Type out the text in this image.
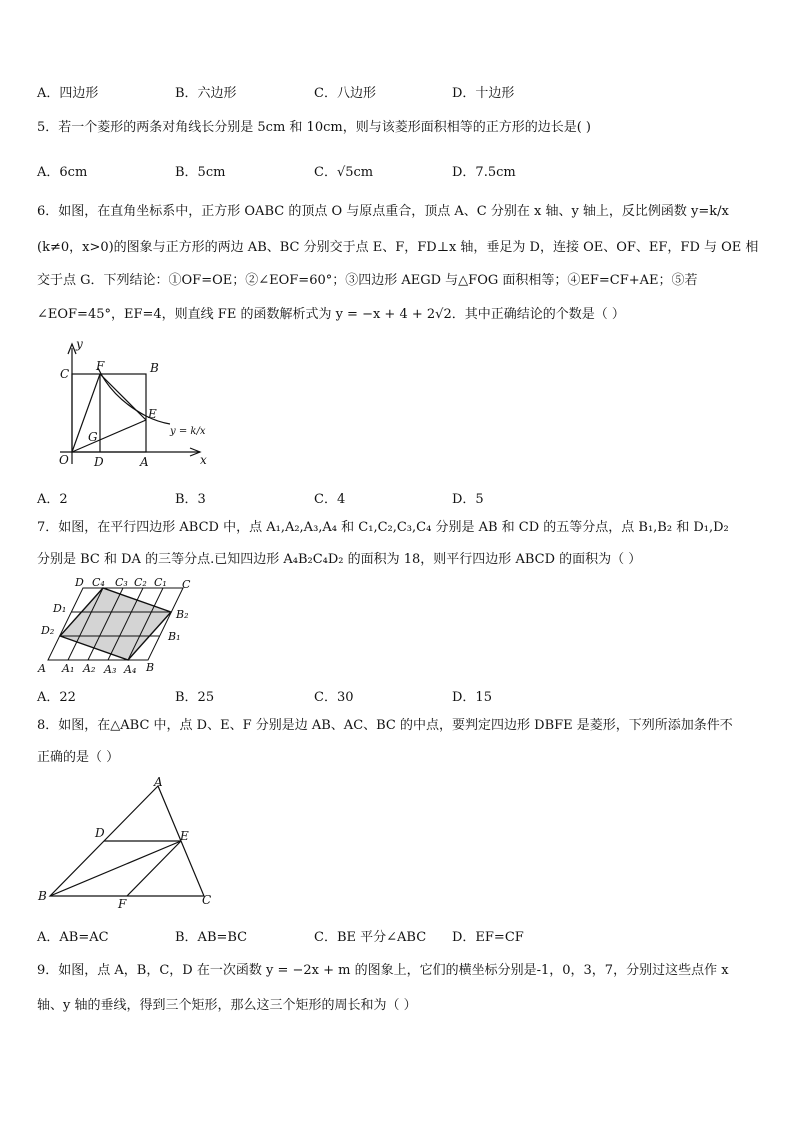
A．四边形	B．六边形	C．八边形	D．十边形
5．若一个菱形的两条对角线长分别是 5cm 和 10cm，则与该菱形面积相等的正方形的边长是( )
A．6cm	B．5cm	C．√5cm	D．7.5cm
6．如图，在直角坐标系中，正方形 OABC 的顶点 O 与原点重合，顶点 A、C 分别在 x 轴、y 轴上，反比例函数 y=k/x
(k≠0，x>0)的图象与正方形的两边 AB、BC 分别交于点 E、F，FD⊥x 轴，垂足为 D，连接 OE、OF、EF，FD 与 OE 相
交于点 G．下列结论：①OF=OE；②∠EOF=60°；③四边形 AEGD 与△FOG 面积相等；④EF=CF+AE；⑤若
∠EOF=45°，EF=4，则直线 FE 的函数解析式为 y = −x + 4 + 2√2．其中正确结论的个数是（ ）
y
x
O D	A
C
F	B
E
G	y = k/x
A．2	B．3	C．4	D．5
7．如图，在平行四边形 ABCD 中，点 A₁,A₂,A₃,A₄ 和 C₁,C₂,C₃,C₄ 分别是 AB 和 CD 的五等分点，点 B₁,B₂ 和 D₁,D₂
分别是 BC 和 DA 的三等分点.已知四边形 A₄B₂C₄D₂ 的面积为 18，则平行四边形 ABCD 的面积为（ ）
A A₁ A₂ A₃ A₄ B
D C₄ C₃ C₂ C₁ C
D₁
D₂
B₂
B₁
A．22	B．25	C．30	D．15
8．如图，在△ABC 中，点 D、E、F 分别是边 AB、AC、BC 的中点，要判定四边形 DBFE 是菱形，下列所添加条件不
正确的是（ ）
A
B	C
D	E
F
A．AB=AC	B．AB=BC	C．BE 平分∠ABC D．EF=CF
9．如图，点 A，B，C，D 在一次函数 y = −2x + m 的图象上，它们的横坐标分别是-1，0，3，7，分别过这些点作 x
轴、y 轴的垂线，得到三个矩形，那么这三个矩形的周长和为（ ）
